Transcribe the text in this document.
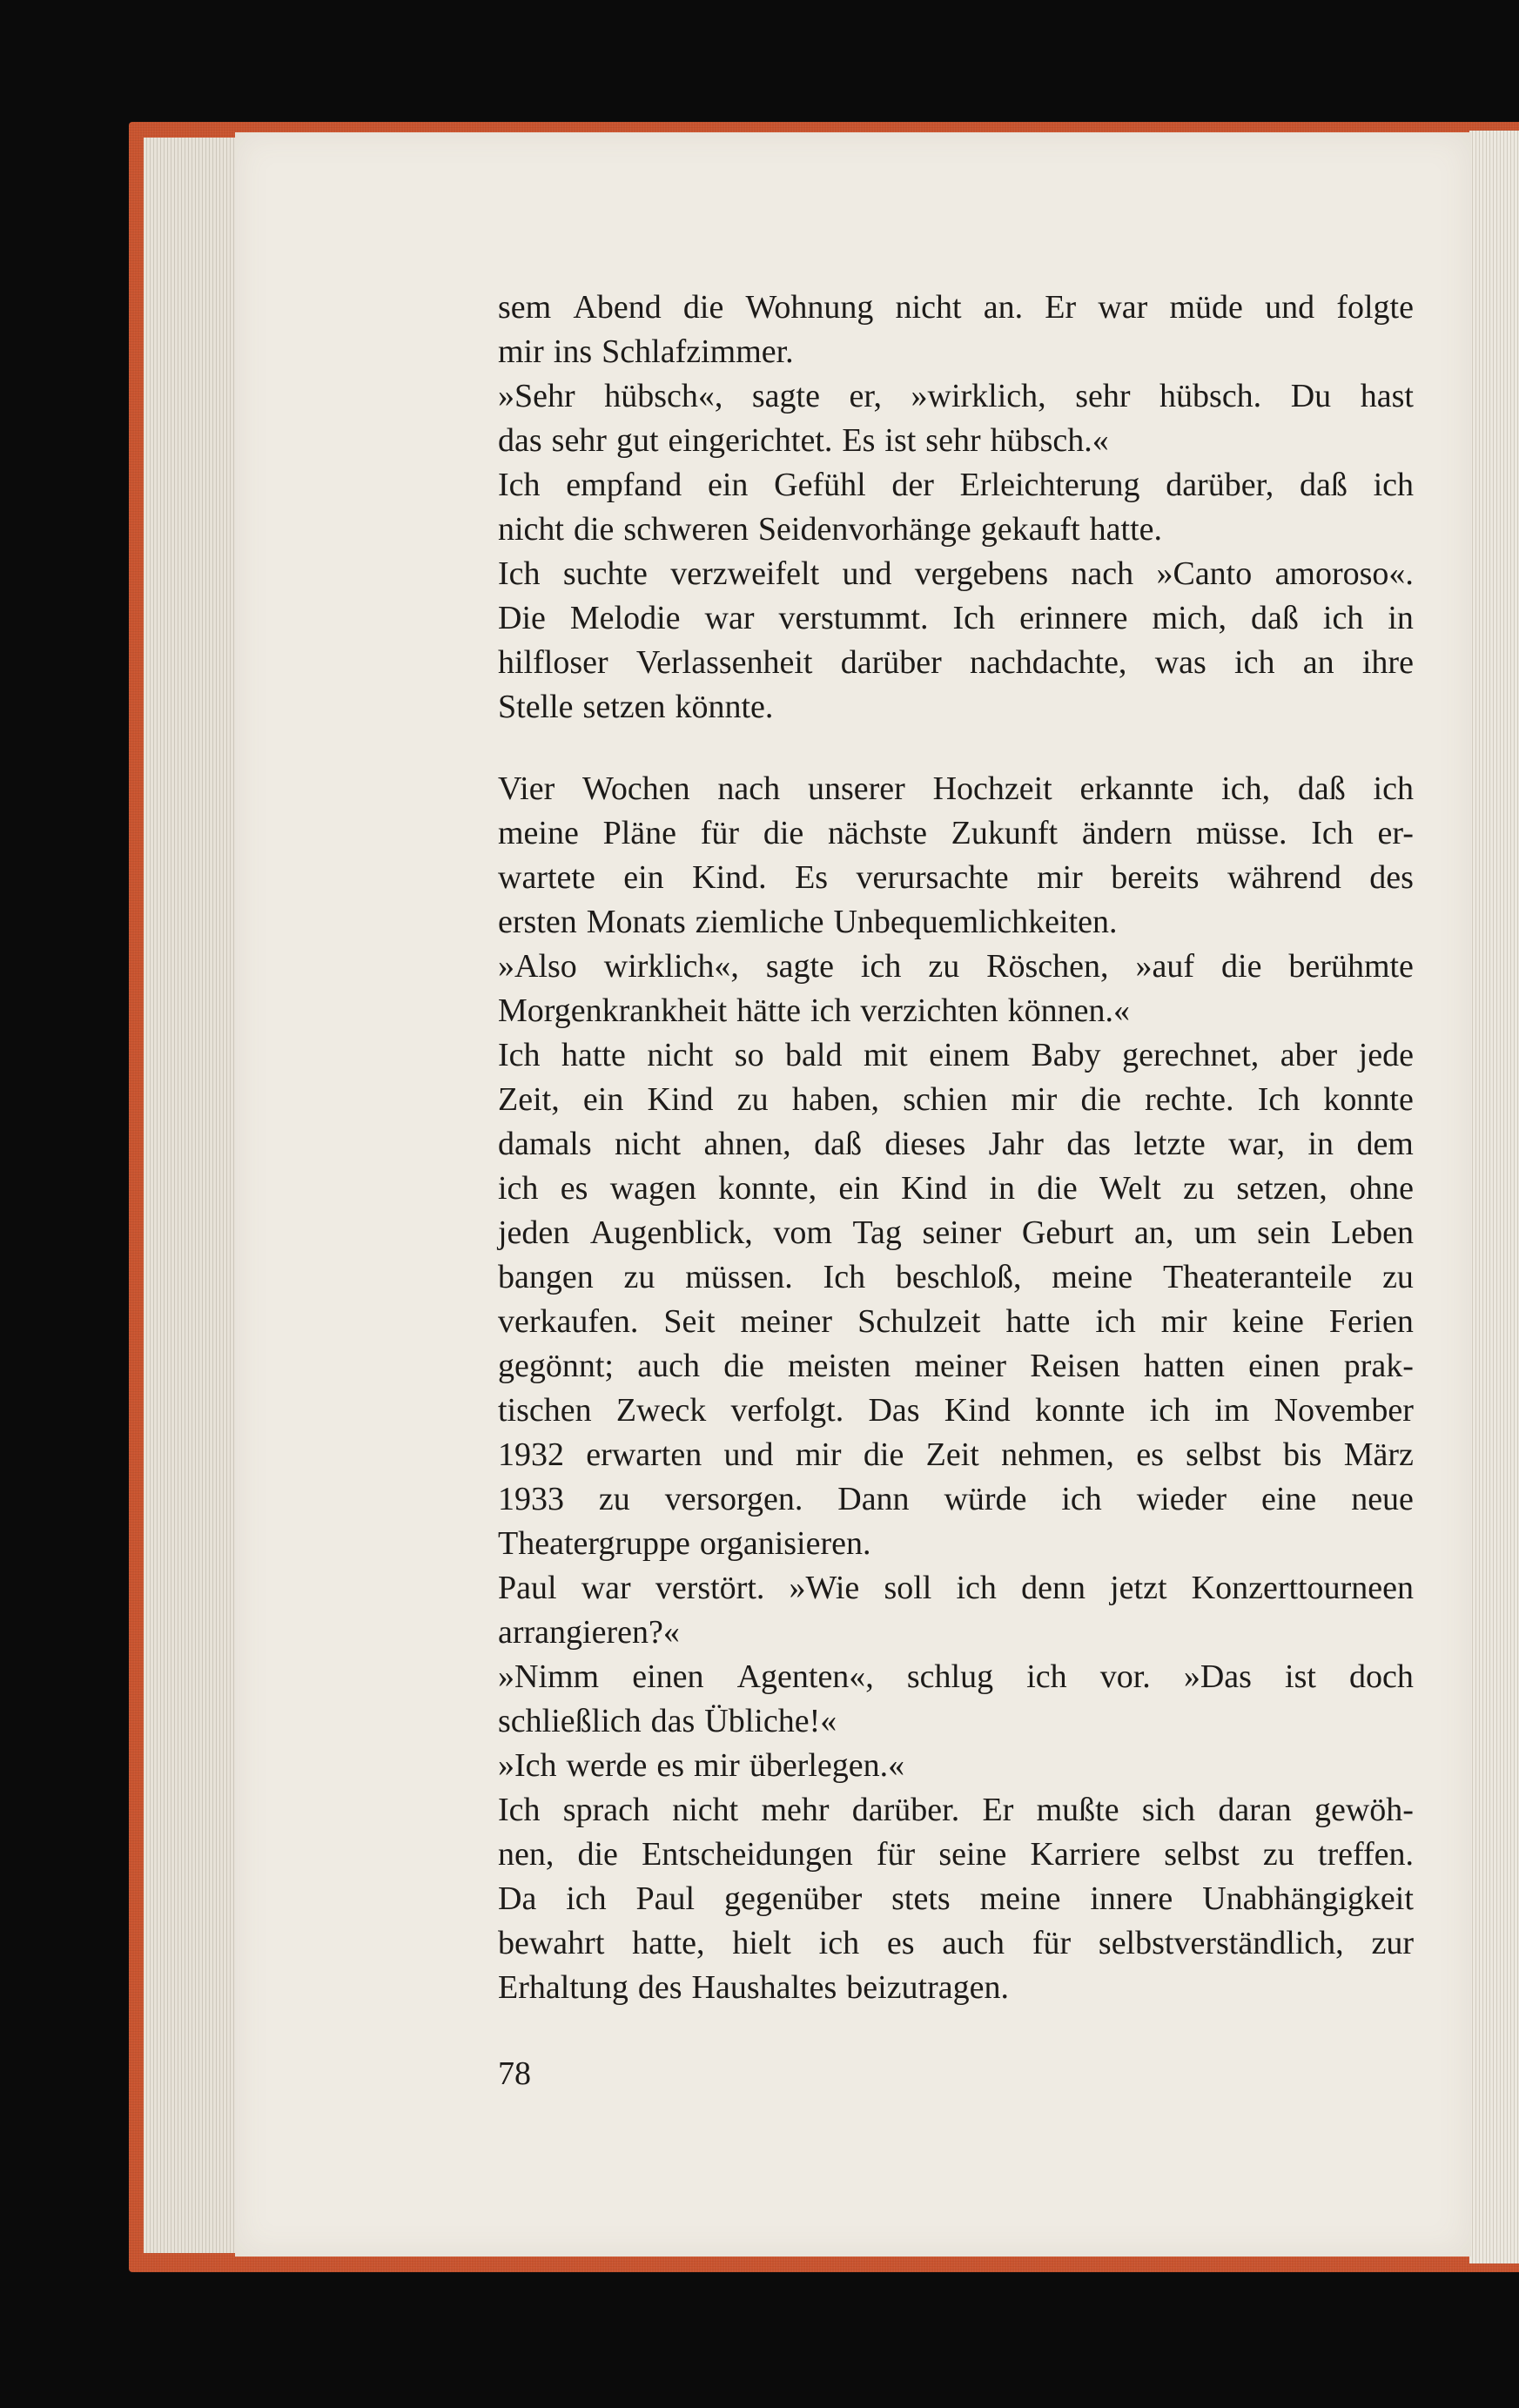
sem Abend die Wohnung nicht an. Er war müde und folgte
mir ins Schlafzimmer.
»Sehr hübsch«, sagte er, »wirklich, sehr hübsch. Du hast
das sehr gut eingerichtet. Es ist sehr hübsch.«
Ich empfand ein Gefühl der Erleichterung darüber, daß ich
nicht die schweren Seidenvorhänge gekauft hatte.
Ich suchte verzweifelt und vergebens nach »Canto amoroso«.
Die Melodie war verstummt. Ich erinnere mich, daß ich in
hilfloser Verlassenheit darüber nachdachte, was ich an ihre
Stelle setzen könnte.
Vier Wochen nach unserer Hochzeit erkannte ich, daß ich
meine Pläne für die nächste Zukunft ändern müsse. Ich er-
wartete ein Kind. Es verursachte mir bereits während des
ersten Monats ziemliche Unbequemlichkeiten.
»Also wirklich«, sagte ich zu Röschen, »auf die berühmte
Morgenkrankheit hätte ich verzichten können.«
Ich hatte nicht so bald mit einem Baby gerechnet, aber jede
Zeit, ein Kind zu haben, schien mir die rechte. Ich konnte
damals nicht ahnen, daß dieses Jahr das letzte war, in dem
ich es wagen konnte, ein Kind in die Welt zu setzen, ohne
jeden Augenblick, vom Tag seiner Geburt an, um sein Leben
bangen zu müssen. Ich beschloß, meine Theateranteile zu
verkaufen. Seit meiner Schulzeit hatte ich mir keine Ferien
gegönnt; auch die meisten meiner Reisen hatten einen prak-
tischen Zweck verfolgt. Das Kind konnte ich im November
1932 erwarten und mir die Zeit nehmen, es selbst bis März
1933 zu versorgen. Dann würde ich wieder eine neue
Theatergruppe organisieren.
Paul war verstört. »Wie soll ich denn jetzt Konzerttourneen
arrangieren?«
»Nimm einen Agenten«, schlug ich vor. »Das ist doch
schließlich das Übliche!«
»Ich werde es mir überlegen.«
Ich sprach nicht mehr darüber. Er mußte sich daran gewöh-
nen, die Entscheidungen für seine Karriere selbst zu treffen.
Da ich Paul gegenüber stets meine innere Unabhängigkeit
bewahrt hatte, hielt ich es auch für selbstverständlich, zur
Erhaltung des Haushaltes beizutragen.
78
